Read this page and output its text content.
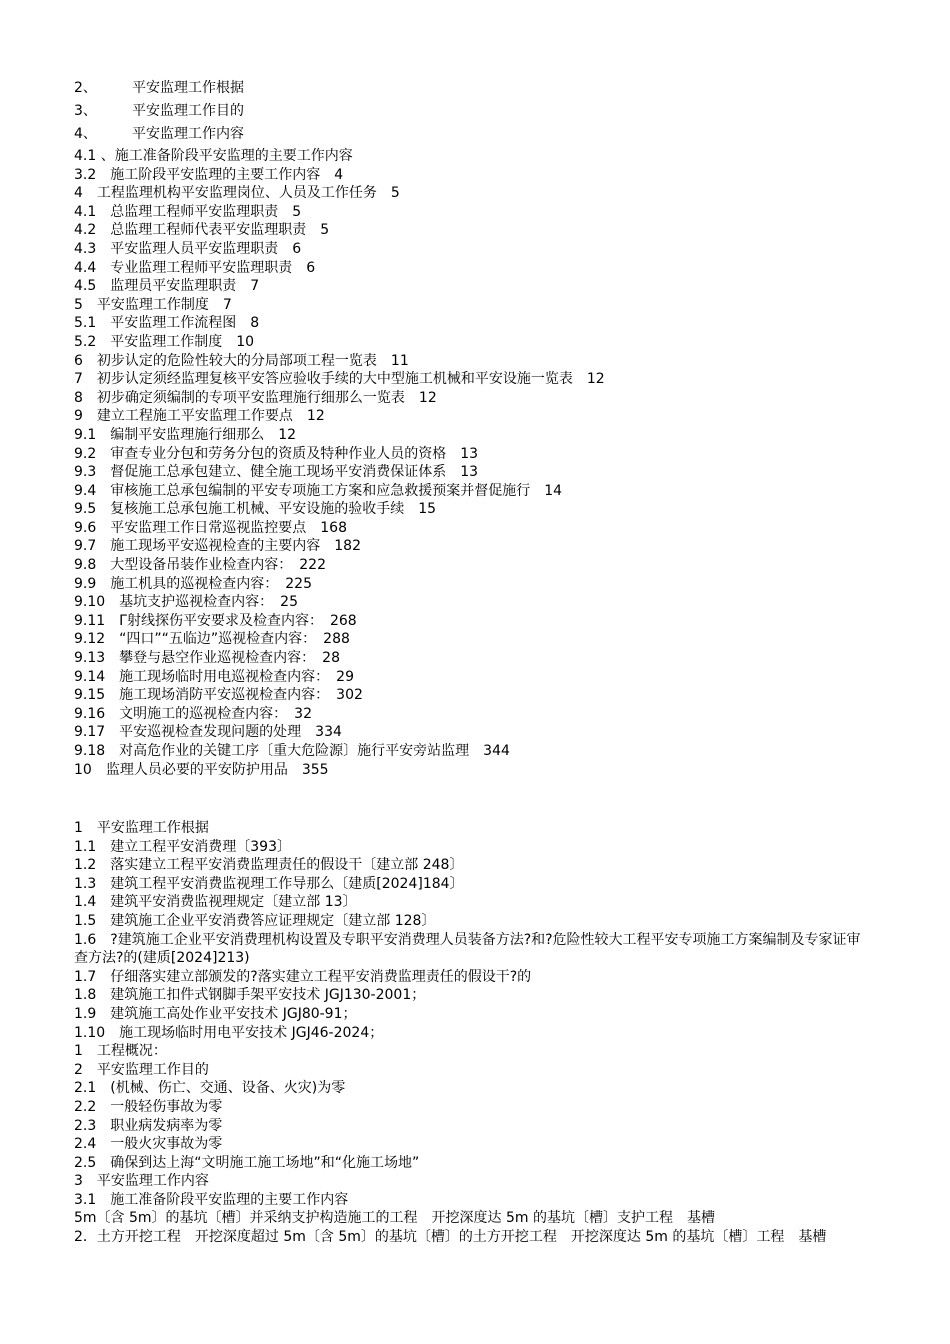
2、	平安监理工作根据
3、	平安监理工作目的
4、	平安监理工作内容

4.1 、施工准备阶段平安监理的主要工作内容

3.2　施工阶段平安监理的主要工作内容　4

4　工程监理机构平安监理岗位、人员及工作任务　5

4.1　总监理工程师平安监理职责　5

4.2　总监理工程师代表平安监理职责　5

4.3　平安监理人员平安监理职责　6

4.4　专业监理工程师平安监理职责　6

4.5　监理员平安监理职责　7

5　平安监理工作制度　7

5.1　平安监理工作流程图　8

5.2　平安监理工作制度　10

6　初步认定的危险性较大的分局部项工程一览表　11

7　初步认定须经监理复核平安答应验收手续的大中型施工机械和平安设施一览表　12

8　初步确定须编制的专项平安监理施行细那么一览表　12

9　建立工程施工平安监理工作要点　12

9.1　编制平安监理施行细那么　12

9.2　审查专业分包和劳务分包的资质及特种作业人员的资格　13

9.3　督促施工总承包建立、健全施工现场平安消费保证体系　13

9.4　审核施工总承包编制的平安专项施工方案和应急救援预案并督促施行　14

9.5　复核施工总承包施工机械、平安设施的验收手续　15

9.6　平安监理工作日常巡视监控要点　168

9.7　施工现场平安巡视检查的主要内容　182

9.8　大型设备吊装作业检查内容：　222

9.9　施工机具的巡视检查内容：　225

9.10　基坑支护巡视检查内容：　25

9.11　Γ射线探伤平安要求及检查内容：　268

9.12　“四口”“五临边”巡视检查内容：　288

9.13　攀登与悬空作业巡视检查内容：　28

9.14　施工现场临时用电巡视检查内容：　29

9.15　施工现场消防平安巡视检查内容：　302

9.16　文明施工的巡视检查内容：　32

9.17　平安巡视检查发现问题的处理　334

9.18　对高危作业的关键工序〔重大危险源〕施行平安旁站监理　344

10　监理人员必要的平安防护用品　355

1　平安监理工作根据

1.1　建立工程平安消费理〔393〕

1.2　落实建立工程平安消费监理责任的假设干〔建立部 248〕

1.3　建筑工程平安消费监视理工作导那么〔建质[2024]184〕

1.4　建筑平安消费监视理规定〔建立部 13〕

1.5　建筑施工企业平安消费答应证理规定〔建立部 128〕

1.6　?建筑施工企业平安消费理机构设置及专职平安消费理人员装备方法?和?危险性较大工程平安专项施工方案编制及专家证审查方法?的(建质[2024]213)

1.7　仔细落实建立部颁发的?落实建立工程平安消费监理责任的假设干?的

1.8　建筑施工扣件式钢脚手架平安技术 JGJ130-2001；

1.9　建筑施工高处作业平安技术 JGJ80-91；

1.10　施工现场临时用电平安技术 JGJ46-2024；

1　工程概况：

2　平安监理工作目的

2.1　(机械、伤亡、交通、设备、火灾)为零

2.2　一般轻伤事故为零

2.3　职业病发病率为零

2.4　一般火灾事故为零

2.5　确保到达上海“文明施工施工场地”和“化施工场地”

3　平安监理工作内容

3.1　施工准备阶段平安监理的主要工作内容

5m〔含 5m〕的基坑〔槽〕并采纳支护构造施工的工程　开挖深度达 5m 的基坑〔槽〕支护工程　基槽

2．土方开挖工程　开挖深度超过 5m〔含 5m〕的基坑〔槽〕的土方开挖工程　开挖深度达 5m 的基坑〔槽〕工程　基槽
